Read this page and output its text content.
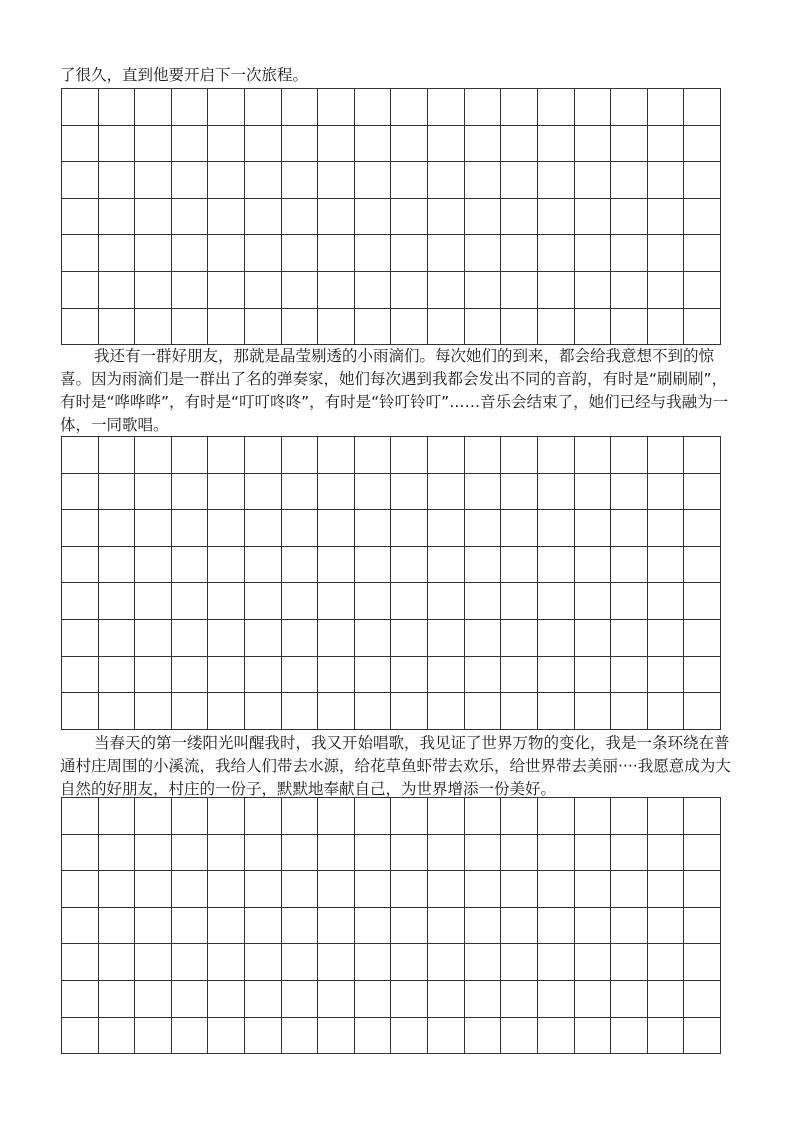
了很久，直到他要开启下一次旅程。

我还有一群好朋友，那就是晶莹剔透的小雨滴们。每次她们的到来，都会给我意想不到的惊喜。因为雨滴们是一群出了名的弹奏家，她们每次遇到我都会发出不同的音韵，有时是“刷刷刷”，有时是“哗哗哗”，有时是“叮叮咚咚”，有时是“铃叮铃叮”……音乐会结束了，她们已经与我融为一体，一同歌唱。

当春天的第一缕阳光叫醒我时，我又开始唱歌，我见证了世界万物的变化，我是一条环绕在普通村庄周围的小溪流，我给人们带去水源，给花草鱼虾带去欢乐，给世界带去美丽····我愿意成为大自然的好朋友，村庄的一份子，默默地奉献自己，为世界增添一份美好。
